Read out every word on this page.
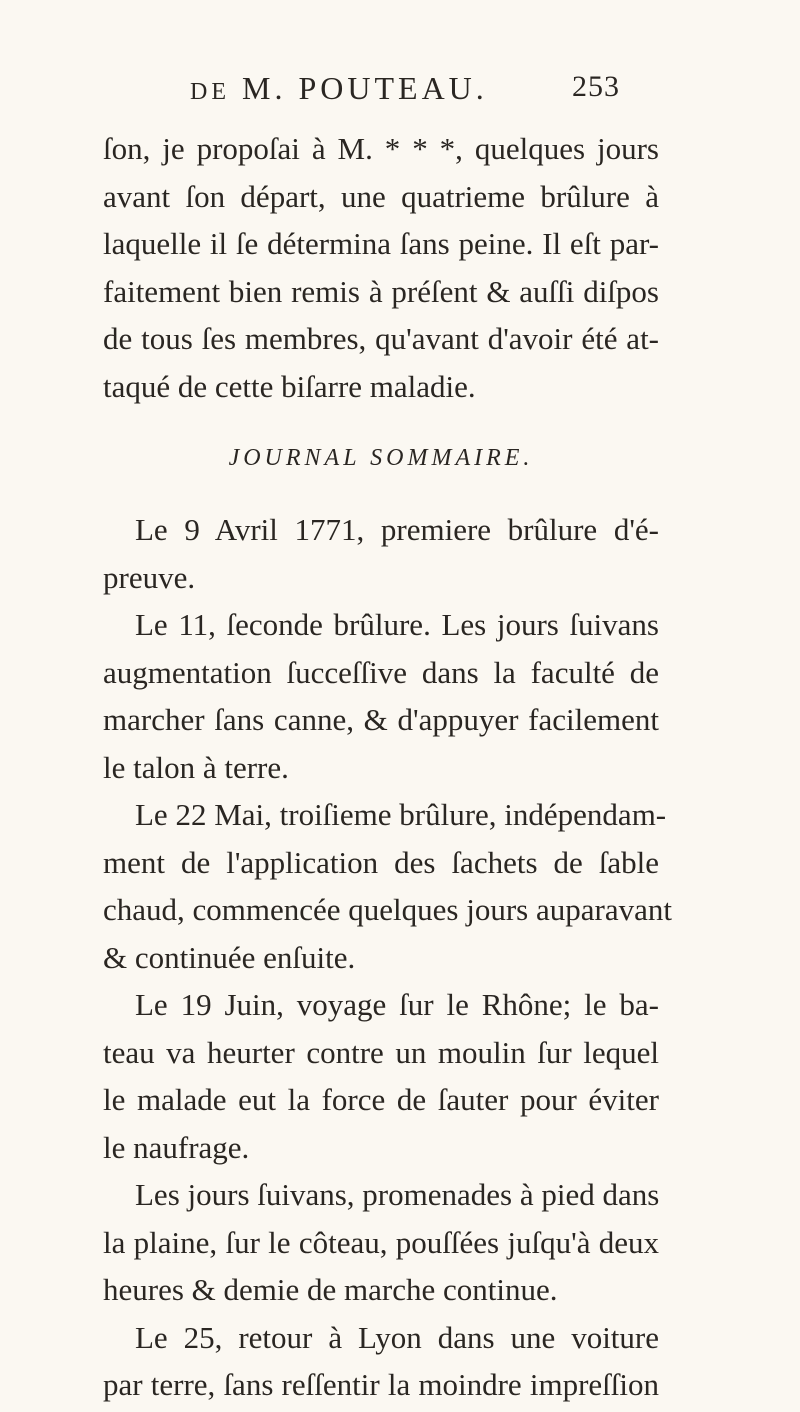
DE M. POUTEAU.	253
ſon, je propoſai à M. * * *, quelques jours
avant ſon départ, une quatrieme brûlure à
laquelle il ſe détermina ſans peine. Il eſt par-
faitement bien remis à préſent & auſſi diſpos
de tous ſes membres, qu'avant d'avoir été at-
taqué de cette biſarre maladie.
JOURNAL SOMMAIRE.
Le 9 Avril 1771, premiere brûlure d'é-
preuve.
Le 11, ſeconde brûlure. Les jours ſuivans
augmentation ſucceſſive dans la faculté de
marcher ſans canne, & d'appuyer facilement
le talon à terre.
Le 22 Mai, troiſieme brûlure, indépendam-
ment de l'application des ſachets de ſable
chaud, commencée quelques jours auparavant
& continuée enſuite.
Le 19 Juin, voyage ſur le Rhône; le ba-
teau va heurter contre un moulin ſur lequel
le malade eut la force de ſauter pour éviter
le naufrage.
Les jours ſuivans, promenades à pied dans
la plaine, ſur le côteau, pouſſées juſqu'à deux
heures & demie de marche continue.
Le 25, retour à Lyon dans une voiture
par terre, ſans reſſentir la moindre impreſſion
